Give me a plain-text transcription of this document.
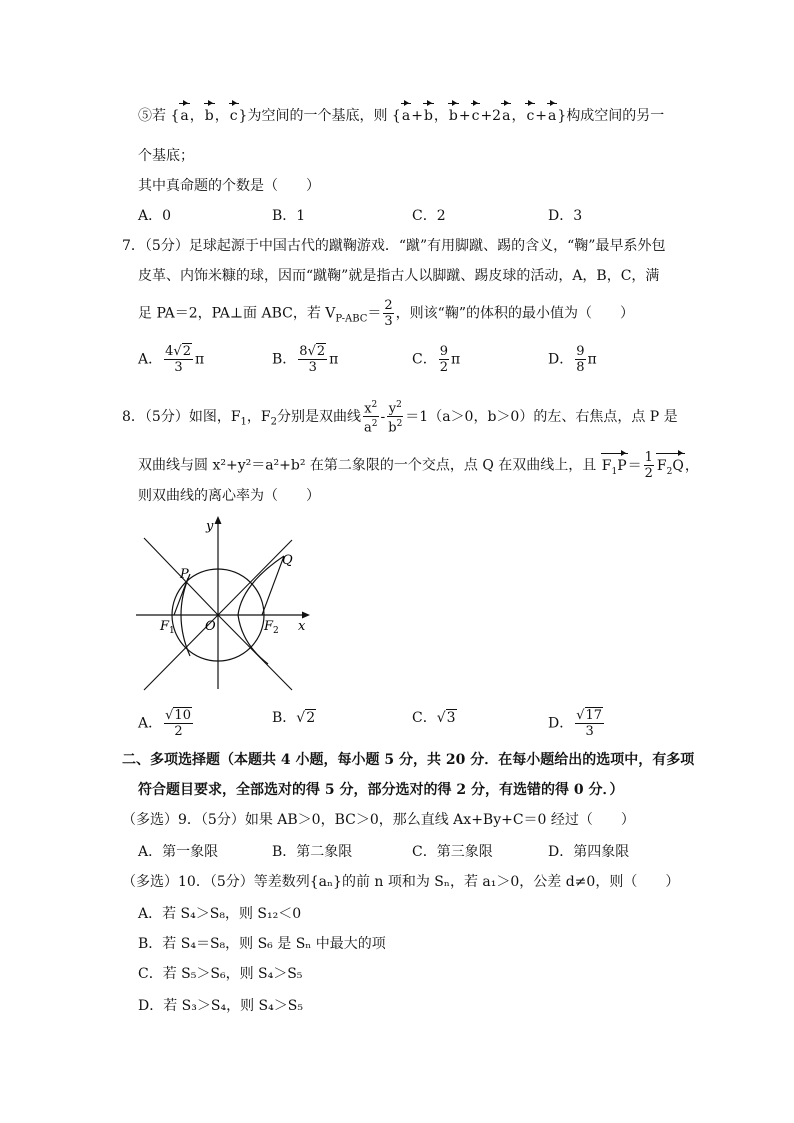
⑤若 {a，b，c}为空间的一个基底，则 {a+b，b+c+2a，c+a}构成空间的另一
个基底；
其中真命题的个数是（　　）
A．0	B．1	C．2	D．3
7．（5分）足球起源于中国古代的蹴鞠游戏．“蹴”有用脚蹴、踢的含义，“鞠”最早系外包
皮革、内饰米糠的球，因而“蹴鞠”就是指古人以脚蹴、踢皮球的活动，A，B，C，满
足 PA＝2，PA⊥面 ABC，若 $V_{P-ABC}= \frac{2}{3}$ ，则该“鞠”的体积的最小值为（　　）
A． $\frac{4√2}{3}$ π	B． $\frac{8√2}{3}$ π	C． $\frac{9}{2}$ π	D． $\frac{9}{8}$ π
8．（5分）如图，$F_1$，$F_2$分别是双曲线 $\frac{x^2}{a^2} - \frac{y^2}{b^2} =1(a>0$，b＞0）的左、右焦点，点 P 是
双曲线与圆 x²+y²＝a²+b² 在第二象限的一个交点，点 Q 在双曲线上，且 $F_1P= \frac{1}{2} F_2Q$，
则双曲线的离心率为（　　）
y
x
P
Q
O
$F_1$	$F_2$
A． $\frac{√10}{2}$	B．√2	C．√3	D． $\frac{√17}{3}$
二、多项选择题（本题共 4 小题，每小题 5 分，共 20 分．在每小题给出的选项中，有多项
符合题目要求，全部选对的得 5 分，部分选对的得 2 分，有选错的得 0 分．）
（多选）9．（5分）如果 AB＞0，BC＞0，那么直线 Ax+By+C＝0 经过（　　）
A．第一象限	B．第二象限	C．第三象限	D．第四象限
（多选）10．（5分）等差数列{aₙ}的前 n 项和为 Sₙ，若 a₁＞0，公差 d≠0，则（　　）
A．若 S₄＞S₈，则 S₁₂＜0
B．若 S₄＝S₈，则 S₆ 是 Sₙ 中最大的项
C．若 S₅＞S₆，则 S₄＞S₅
D．若 S₃＞S₄，则 S₄＞S₅
